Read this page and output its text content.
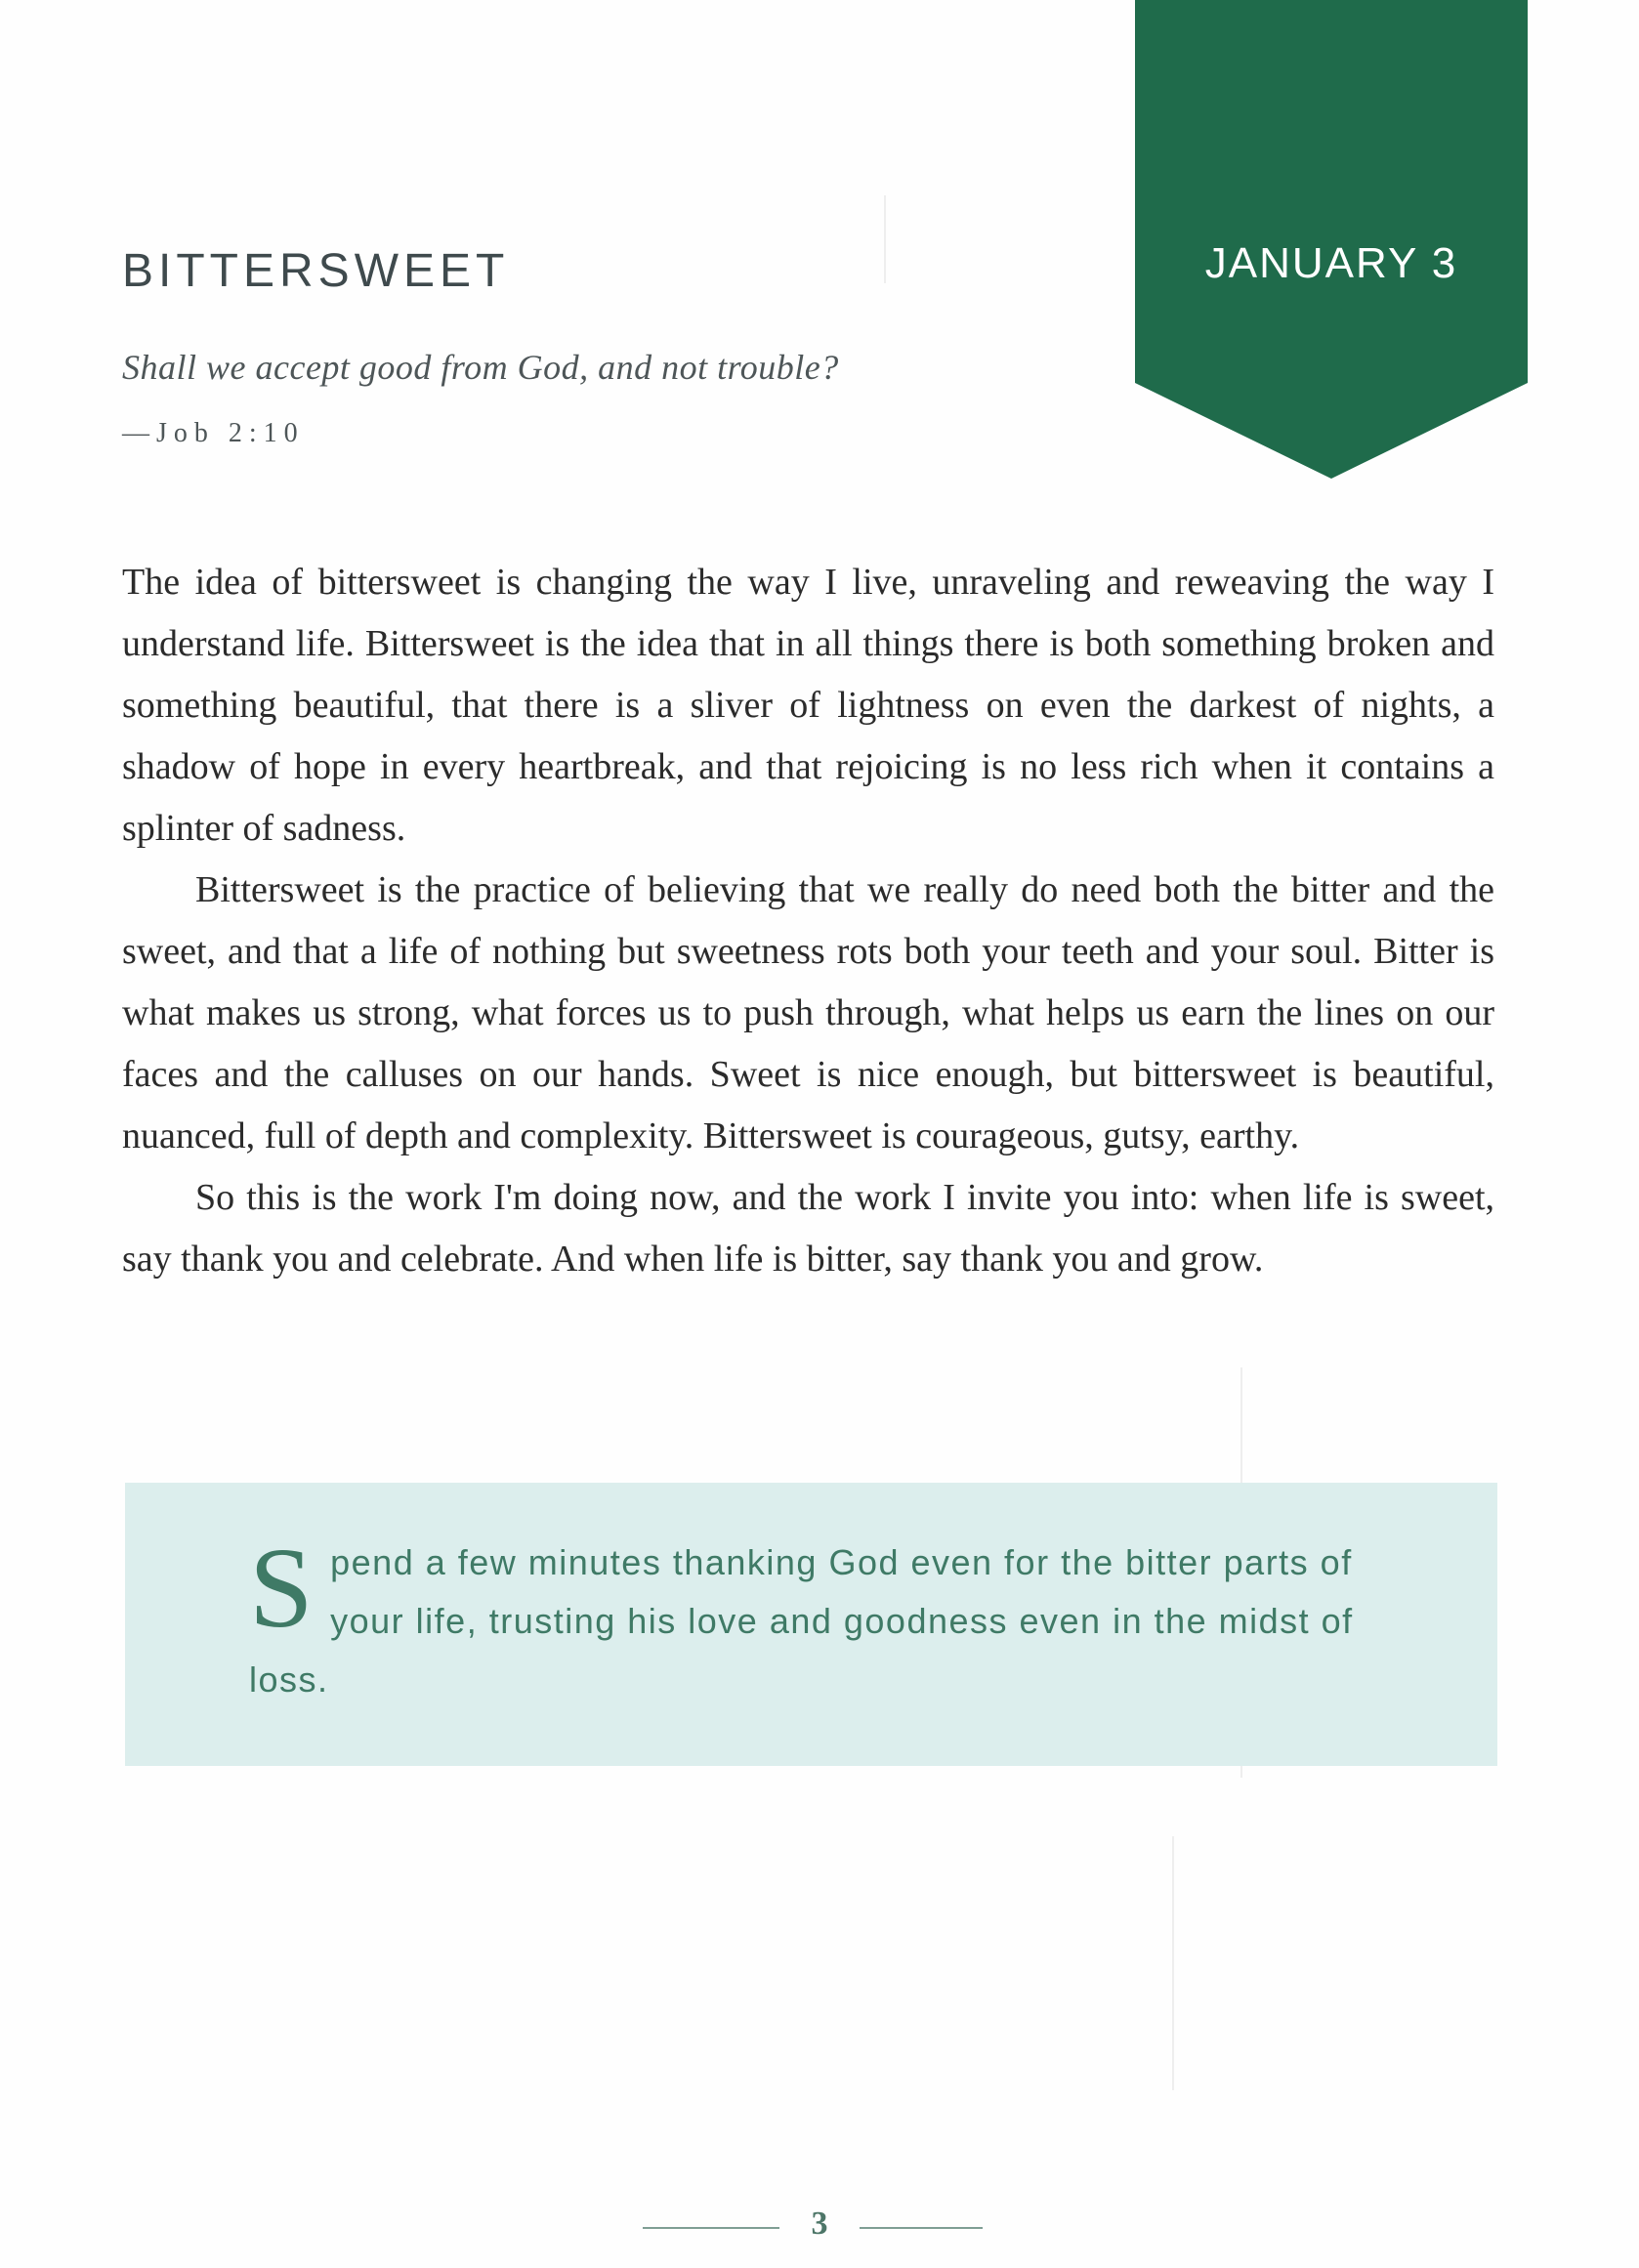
JANUARY 3
BITTERSWEET
Shall we accept good from God, and not trouble?
—Job 2:10

The idea of bittersweet is changing the way I live, unraveling and reweaving the way I understand life. Bittersweet is the idea that in all things there is both something broken and something beautiful, that there is a sliver of lightness on even the darkest of nights, a shadow of hope in every heartbreak, and that rejoicing is no less rich when it contains a splinter of sadness.

Bittersweet is the practice of believing that we really do need both the bitter and the sweet, and that a life of nothing but sweetness rots both your teeth and your soul. Bitter is what makes us strong, what forces us to push through, what helps us earn the lines on our faces and the calluses on our hands. Sweet is nice enough, but bittersweet is beautiful, nuanced, full of depth and complexity. Bittersweet is courageous, gutsy, earthy.

So this is the work I'm doing now, and the work I invite you into: when life is sweet, say thank you and celebrate. And when life is bitter, say thank you and grow.

Spend a few minutes thanking God even for the bitter parts of your life, trusting his love and goodness even in the midst of loss.
3
